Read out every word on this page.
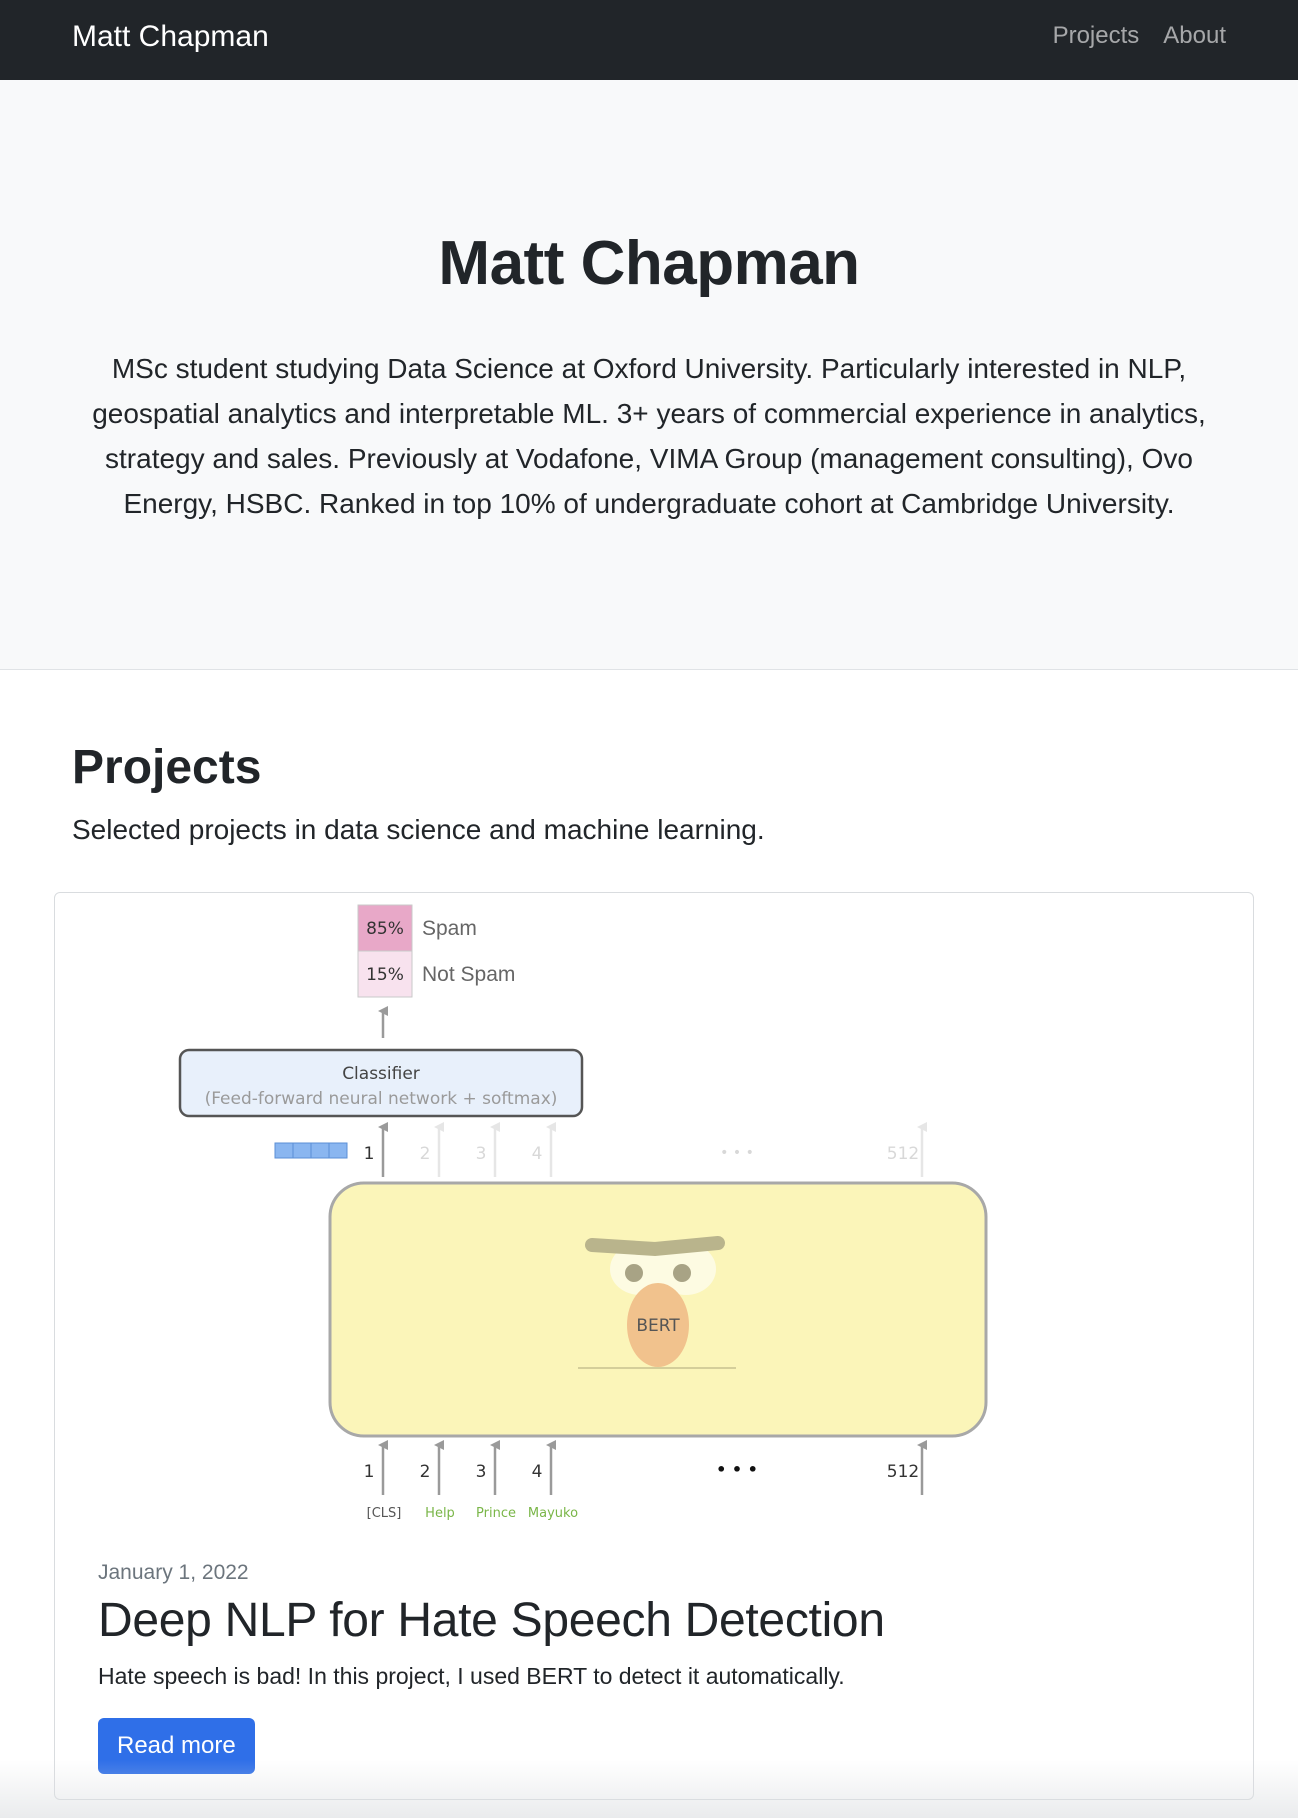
Matt Chapman	Projects About
Matt Chapman

MSc student studying Data Science at Oxford University. Particularly interested in NLP, geospatial analytics and interpretable ML. 3+ years of commercial experience in analytics, strategy and sales. Previously at Vodafone, VIMA Group (management consulting), Ovo Energy, HSBC. Ranked in top 10% of undergraduate cohort at Cambridge University.

Projects

Selected projects in data science and machine learning.

85% Spam
15% Not Spam
Classifier
(Feed-forward neural network + softmax)
1	2	3	4	• • •	512
BERT
1	2	3	4	• • •	512
[CLS] Help Prince Mayuko
January 1, 2022
Deep NLP for Hate Speech Detection

Hate speech is bad! In this project, I used BERT to detect it automatically.

Read more
